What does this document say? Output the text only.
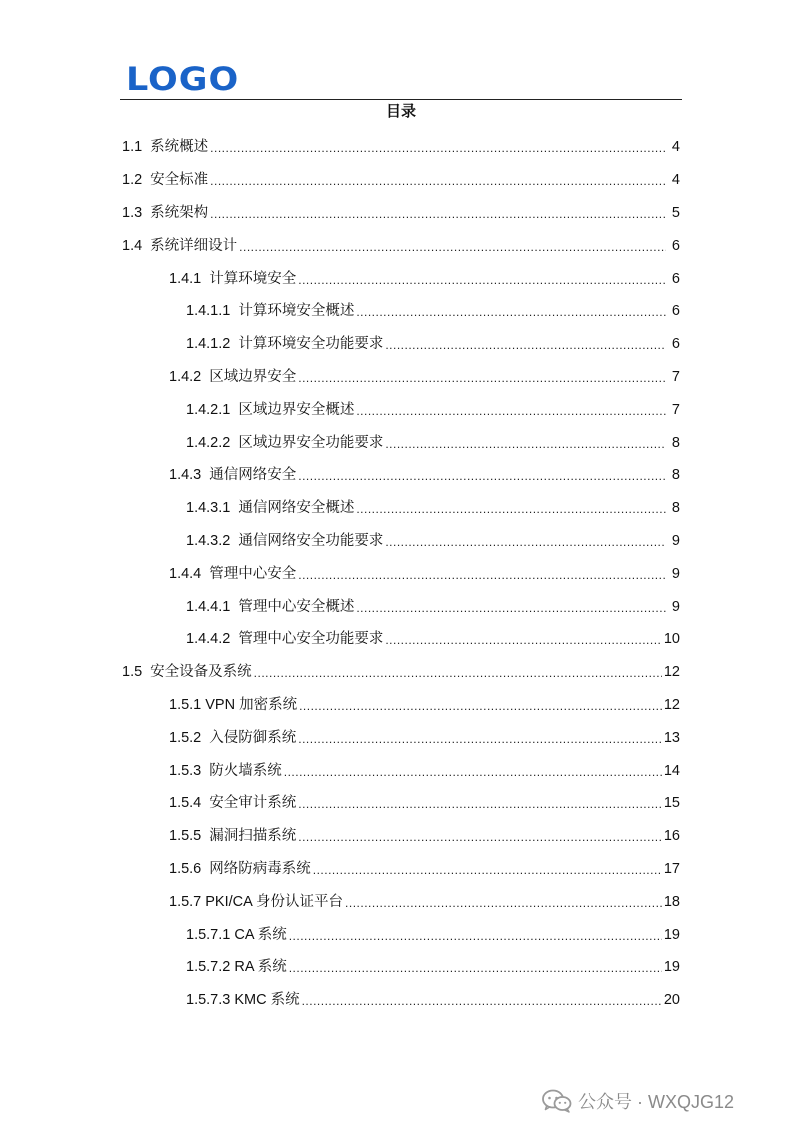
LOGO
目录
1.1 系统概述 .....	4
1.2 安全标准 .....	4
1.3 系统架构 .....	5
1.4 系统详细设计 .....	6
1.4.1 计算环境安全 .....	6
1.4.1.1 计算环境安全概述 .....	6
1.4.1.2 计算环境安全功能要求 .....	6
1.4.2 区域边界安全 .....	7
1.4.2.1 区域边界安全概述 .....	7
1.4.2.2 区域边界安全功能要求 .....	8
1.4.3 通信网络安全 .....	8
1.4.3.1 通信网络安全概述 .....	8
1.4.3.2 通信网络安全功能要求 .....	9
1.4.4 管理中心安全 .....	9
1.4.4.1 管理中心安全概述 .....	9
1.4.4.2 管理中心安全功能要求 .....	10
1.5 安全设备及系统 .....	12
1.5.1 VPN 加密系统 .....	12
1.5.2 入侵防御系统 .....	13
1.5.3 防火墙系统 .....	14
1.5.4 安全审计系统 .....	15
1.5.5 漏洞扫描系统 .....	16
1.5.6 网络防病毒系统 .....	17
1.5.7 PKI/CA 身份认证平台 .....	18
1.5.7.1 CA 系统 .....	19
1.5.7.2 RA 系统 .....	19
1.5.7.3 KMC 系统 .....	20
公众号 · WXQJG12
